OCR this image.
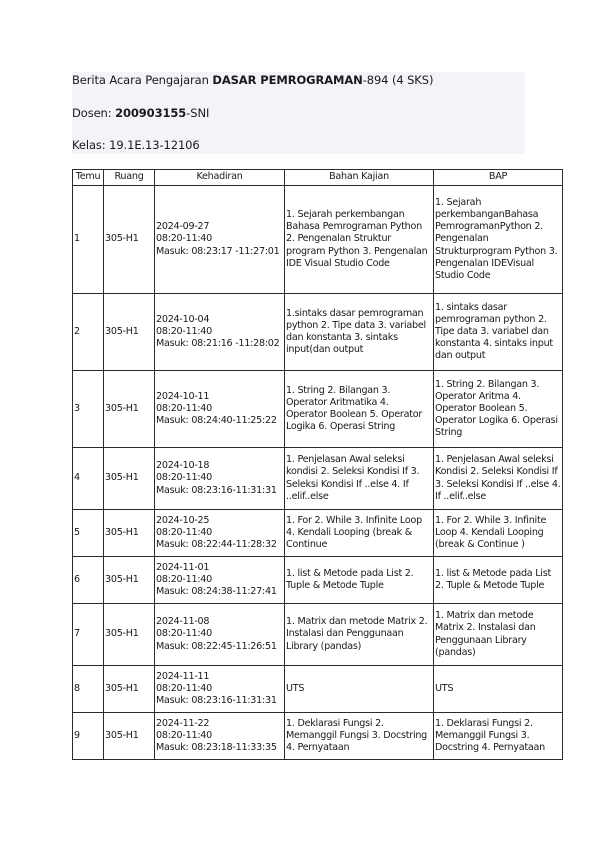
Berita Acara Pengajaran DASAR PEMROGRAMAN-894 (4 SKS)
Dosen: 200903155-SNI
Kelas: 19.1E.13-12106
Temu	Ruang	Kehadiran	Bahan Kajian	BAP
1	305-H1	2024-09-27
08:20-11:40
Masuk: 08:23:17 -11:27:01	1. Sejarah perkembangan Bahasa Pemrograman Python 2. Pengenalan Struktur program Python 3. Pengenalan IDE Visual Studio Code	1. Sejarah perkembanganBahasa PemrogramanPython 2. Pengenalan Strukturprogram Python 3. Pengenalan IDEVisual Studio Code
2	305-H1	2024-10-04
08:20-11:40
Masuk: 08:21:16 -11:28:02	1.sintaks dasar pemrograman python 2. Tipe data 3. variabel dan konstanta 3. sintaks input(dan output	1. sintaks dasar pemrograman python 2. Tipe data 3. variabel dan konstanta 4. sintaks input dan output
3	305-H1	2024-10-11
08:20-11:40
Masuk: 08:24:40-11:25:22	1. String 2. Bilangan 3. Operator Aritmatika 4. Operator Boolean 5. Operator Logika 6. Operasi String	1. String 2. Bilangan 3. Operator Aritma 4. Operator Boolean 5. Operator Logika 6. Operasi String
4	305-H1	2024-10-18
08:20-11:40
Masuk: 08:23:16-11:31:31	1. Penjelasan Awal seleksi kondisi 2. Seleksi Kondisi If 3. Seleksi Kondisi If ..else 4. If ..elif..else	1. Penjelasan Awal seleksi Kondisi 2. Seleksi Kondisi If 3. Seleksi Kondisi If ..else 4. If ..elif..else
5	305-H1	2024-10-25
08:20-11:40
Masuk: 08:22:44-11:28:32	1. For 2. While 3. Infinite Loop 4. Kendali Looping (break & Continue	1. For 2. While 3. Infinite Loop 4. Kendali Looping (break & Continue )
6	305-H1	2024-11-01
08:20-11:40
Masuk: 08:24:38-11:27:41	1. list & Metode pada List 2. Tuple & Metode Tuple	1. list & Metode pada List 2. Tuple & Metode Tuple
7	305-H1	2024-11-08
08:20-11:40
Masuk: 08:22:45-11:26:51	1. Matrix dan metode Matrix 2. Instalasi dan Penggunaan Library (pandas)	1. Matrix dan metode Matrix 2. Instalasi dan Penggunaan Library (pandas)
8	305-H1	2024-11-11
08:20-11:40
Masuk: 08:23:16-11:31:31	UTS	UTS
9	305-H1	2024-11-22
08:20-11:40
Masuk: 08:23:18-11:33:35	1. Deklarasi Fungsi 2. Memanggil Fungsi 3. Docstring 4. Pernyataan	1. Deklarasi Fungsi 2. Memanggil Fungsi 3. Docstring 4. Pernyataan
